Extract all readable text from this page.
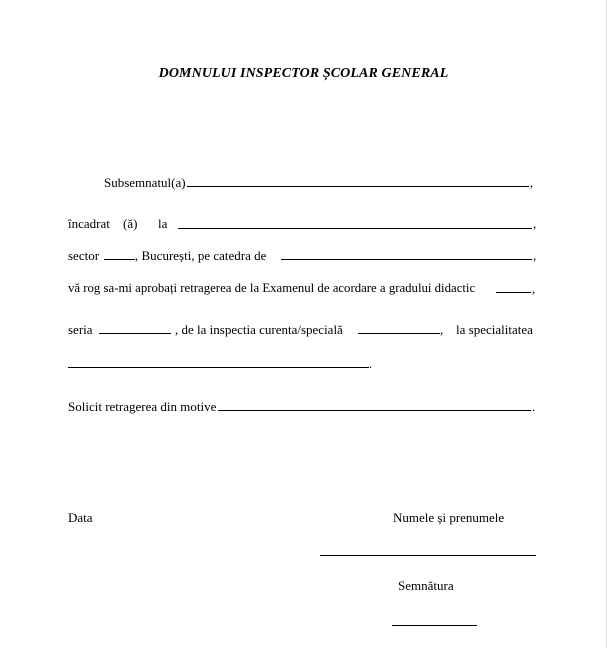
DOMNULUI INSPECTOR ȘCOLAR GENERAL
Subsemnatul(a)	,
încadrat (ă) la	,
sector	, București, pe catedra de	,
vă rog sa-mi aprobați retragerea de la Examenul de acordare a gradului didactic	,
seria	, de la inspectia curenta/specială	, la specialitatea
.
Solicit retragerea din motive	.
Data	Numele și prenumele
Semnătura
